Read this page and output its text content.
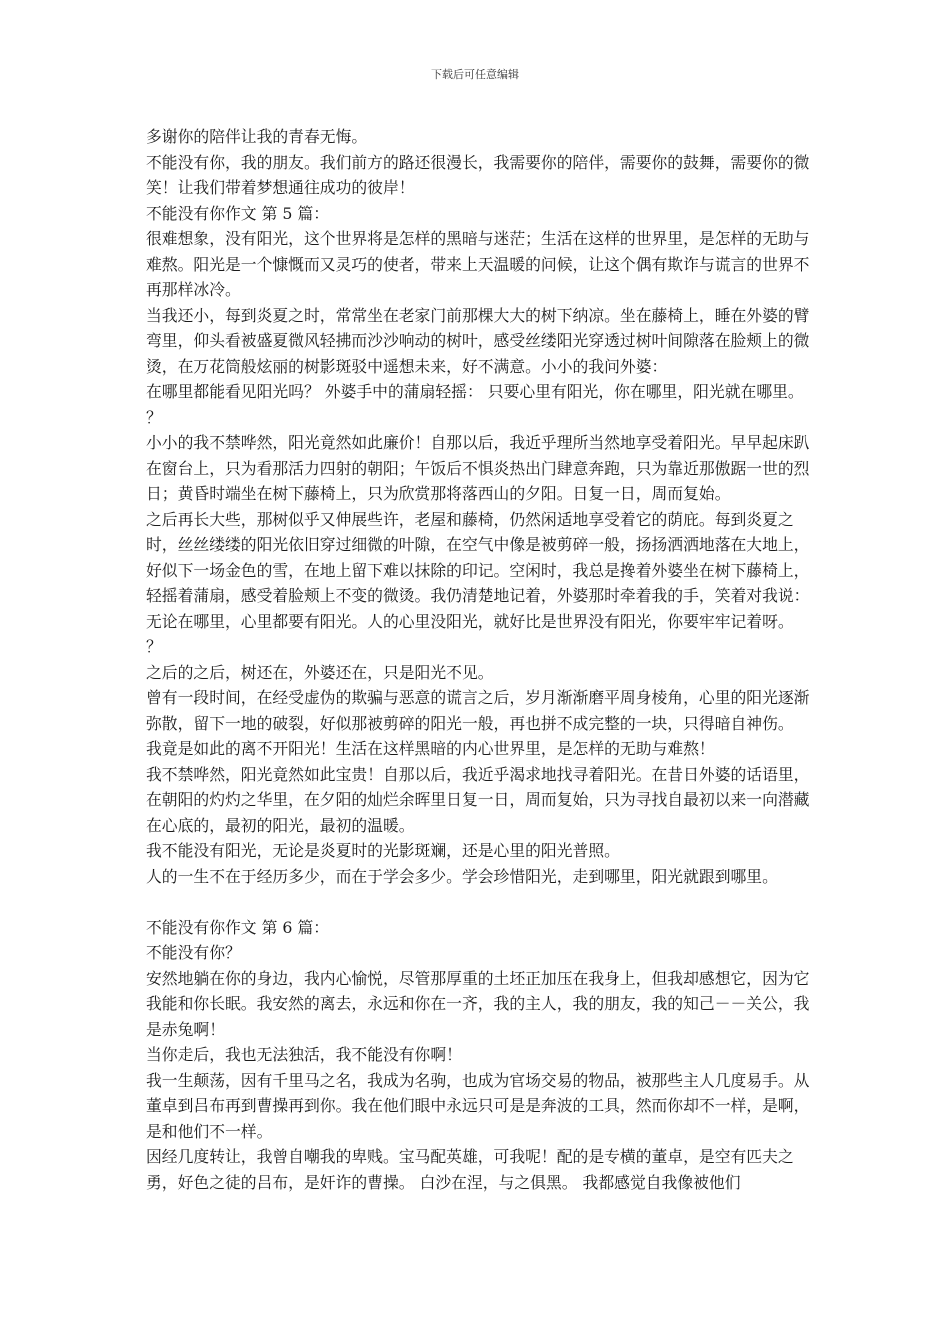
下载后可任意编辑

多谢你的陪伴让我的青春无悔。

不能没有你，我的朋友。我们前方的路还很漫长，我需要你的陪伴，需要你的鼓舞，需要你的微笑！让我们带着梦想通往成功的彼岸！

不能没有你作文 第 5 篇：

很难想象，没有阳光，这个世界将是怎样的黑暗与迷茫；生活在这样的世界里，是怎样的无助与难熬。阳光是一个慷慨而又灵巧的使者，带来上天温暖的问候，让这个偶有欺诈与谎言的世界不再那样冰冷。

当我还小，每到炎夏之时，常常坐在老家门前那棵大大的树下纳凉。坐在藤椅上，睡在外婆的臂弯里，仰头看被盛夏微风轻拂而沙沙响动的树叶，感受丝缕阳光穿透过树叶间隙落在脸颊上的微烫，在万花筒般炫丽的树影斑驳中遥想未来，好不满意。小小的我问外婆：

在哪里都能看见阳光吗？ 外婆手中的蒲扇轻摇： 只要心里有阳光，你在哪里，阳光就在哪里。 ？

小小的我不禁哗然，阳光竟然如此廉价！自那以后，我近乎理所当然地享受着阳光。早早起床趴在窗台上，只为看那活力四射的朝阳；午饭后不惧炎热出门肆意奔跑，只为靠近那傲踞一世的烈日；黄昏时端坐在树下藤椅上，只为欣赏那将落西山的夕阳。日复一日，周而复始。

之后再长大些，那树似乎又伸展些许，老屋和藤椅，仍然闲适地享受着它的荫庇。每到炎夏之时，丝丝缕缕的阳光依旧穿过细微的叶隙，在空气中像是被剪碎一般，扬扬洒洒地落在大地上，好似下一场金色的雪，在地上留下难以抹除的印记。空闲时，我总是搀着外婆坐在树下藤椅上，轻摇着蒲扇，感受着脸颊上不变的微烫。我仍清楚地记着，外婆那时牵着我的手，笑着对我说： 无论在哪里，心里都要有阳光。人的心里没阳光，就好比是世界没有阳光，你要牢牢记着呀。 ？

之后的之后，树还在，外婆还在，只是阳光不见。

曾有一段时间，在经受虚伪的欺骗与恶意的谎言之后，岁月渐渐磨平周身棱角，心里的阳光逐渐弥散，留下一地的破裂，好似那被剪碎的阳光一般，再也拼不成完整的一块，只得暗自神伤。

我竟是如此的离不开阳光！生活在这样黑暗的内心世界里，是怎样的无助与难熬！

我不禁哗然，阳光竟然如此宝贵！自那以后，我近乎渴求地找寻着阳光。在昔日外婆的话语里，在朝阳的灼灼之华里，在夕阳的灿烂余晖里日复一日，周而复始，只为寻找自最初以来一向潜藏在心底的，最初的阳光，最初的温暖。

我不能没有阳光，无论是炎夏时的光影斑斓，还是心里的阳光普照。

人的一生不在于经历多少，而在于学会多少。学会珍惜阳光，走到哪里，阳光就跟到哪里。

不能没有你作文 第 6 篇：

不能没有你？

安然地躺在你的身边，我内心愉悦，尽管那厚重的土坯正加压在我身上，但我却感想它，因为它我能和你长眠。我安然的离去，永远和你在一齐，我的主人，我的朋友，我的知己－－关公，我是赤兔啊！

当你走后，我也无法独活，我不能没有你啊！

我一生颠荡，因有千里马之名，我成为名驹，也成为官场交易的物品，被那些主人几度易手。从董卓到吕布再到曹操再到你。我在他们眼中永远只可是是奔波的工具，然而你却不一样，是啊，是和他们不一样。

因经几度转让，我曾自嘲我的卑贱。宝马配英雄，可我呢！配的是专横的董卓，是空有匹夫之勇，好色之徒的吕布，是奸诈的曹操。 白沙在涅，与之俱黑。 我都感觉自我像被他们
